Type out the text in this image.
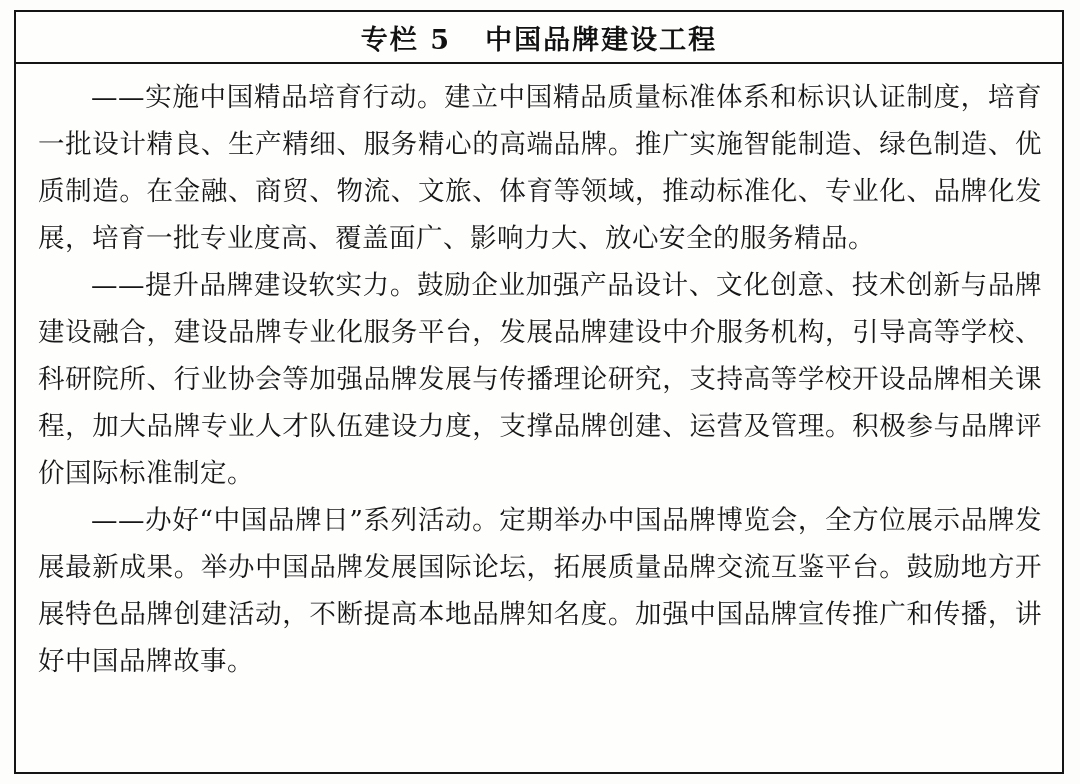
专栏 5   中国品牌建设工程

——实施中国精品培育行动。建立中国精品质量标准体系和标识认证制度，培育一批设计精良、生产精细、服务精心的高端品牌。推广实施智能制造、绿色制造、优质制造。在金融、商贸、物流、文旅、体育等领域，推动标准化、专业化、品牌化发展，培育一批专业度高、覆盖面广、影响力大、放心安全的服务精品。

——提升品牌建设软实力。鼓励企业加强产品设计、文化创意、技术创新与品牌建设融合，建设品牌专业化服务平台，发展品牌建设中介服务机构，引导高等学校、科研院所、行业协会等加强品牌发展与传播理论研究，支持高等学校开设品牌相关课程，加大品牌专业人才队伍建设力度，支撑品牌创建、运营及管理。积极参与品牌评价国际标准制定。

——办好“中国品牌日”系列活动。定期举办中国品牌博览会，全方位展示品牌发展最新成果。举办中国品牌发展国际论坛，拓展质量品牌交流互鉴平台。鼓励地方开展特色品牌创建活动，不断提高本地品牌知名度。加强中国品牌宣传推广和传播，讲好中国品牌故事。
